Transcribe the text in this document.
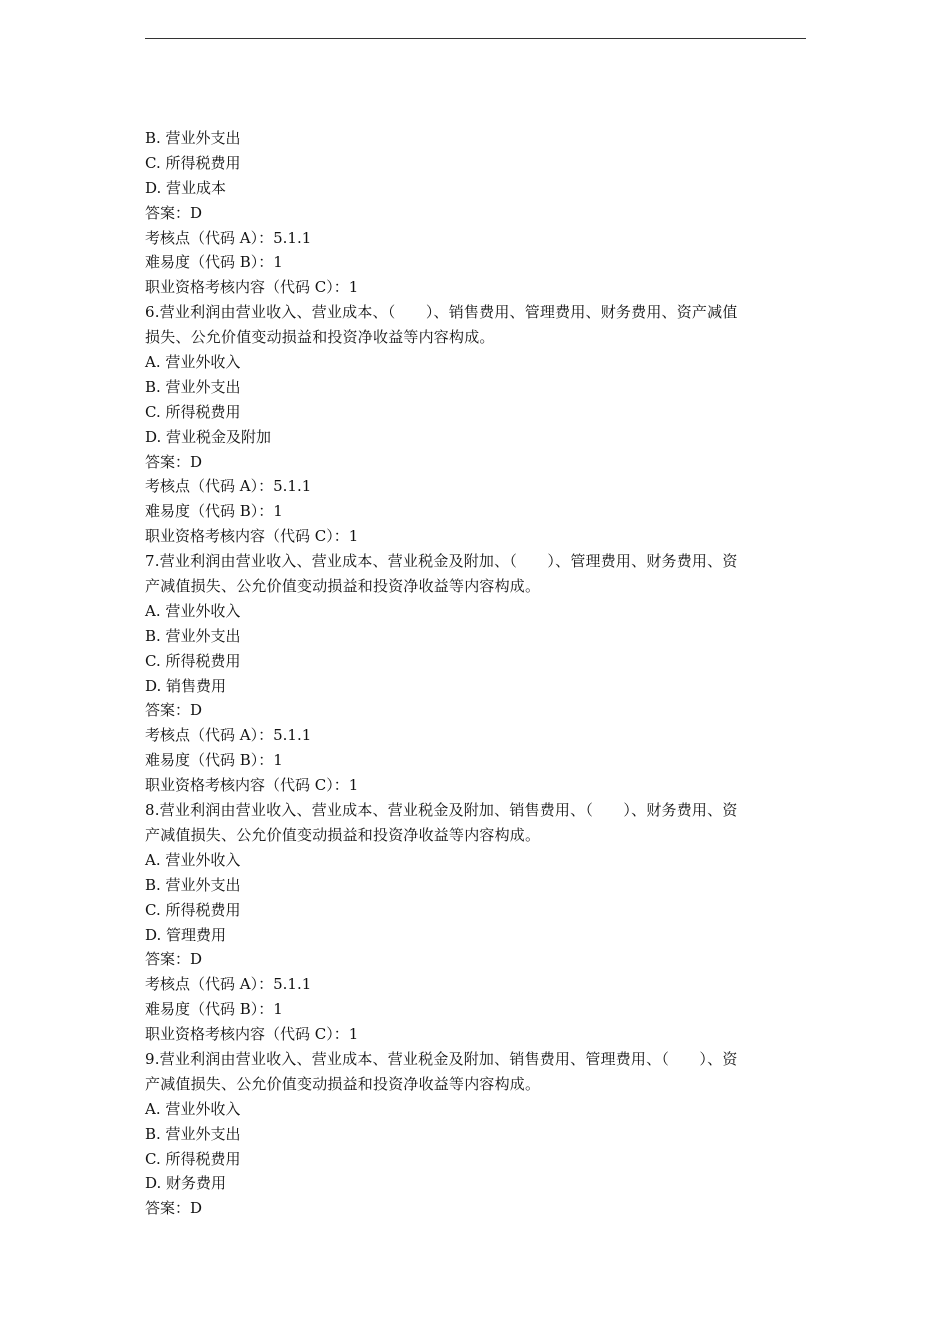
B. 营业外支出
C. 所得税费用
D. 营业成本
答案：D
考核点（代码 A）：5.1.1
难易度（代码 B）：1
职业资格考核内容（代码 C）：1
6.营业利润由营业收入、营业成本、（　　）、销售费用、管理费用、财务费用、资产减值
损失、公允价值变动损益和投资净收益等内容构成。
A. 营业外收入
B. 营业外支出
C. 所得税费用
D. 营业税金及附加
答案：D
考核点（代码 A）：5.1.1
难易度（代码 B）：1
职业资格考核内容（代码 C）：1
7.营业利润由营业收入、营业成本、营业税金及附加、（　　）、管理费用、财务费用、资
产减值损失、公允价值变动损益和投资净收益等内容构成。
A. 营业外收入
B. 营业外支出
C. 所得税费用
D. 销售费用
答案：D
考核点（代码 A）：5.1.1
难易度（代码 B）：1
职业资格考核内容（代码 C）：1
8.营业利润由营业收入、营业成本、营业税金及附加、销售费用、（　　）、财务费用、资
产减值损失、公允价值变动损益和投资净收益等内容构成。
A. 营业外收入
B. 营业外支出
C. 所得税费用
D. 管理费用
答案：D
考核点（代码 A）：5.1.1
难易度（代码 B）：1
职业资格考核内容（代码 C）：1
9.营业利润由营业收入、营业成本、营业税金及附加、销售费用、管理费用、（　　）、资
产减值损失、公允价值变动损益和投资净收益等内容构成。
A. 营业外收入
B. 营业外支出
C. 所得税费用
D. 财务费用
答案：D
